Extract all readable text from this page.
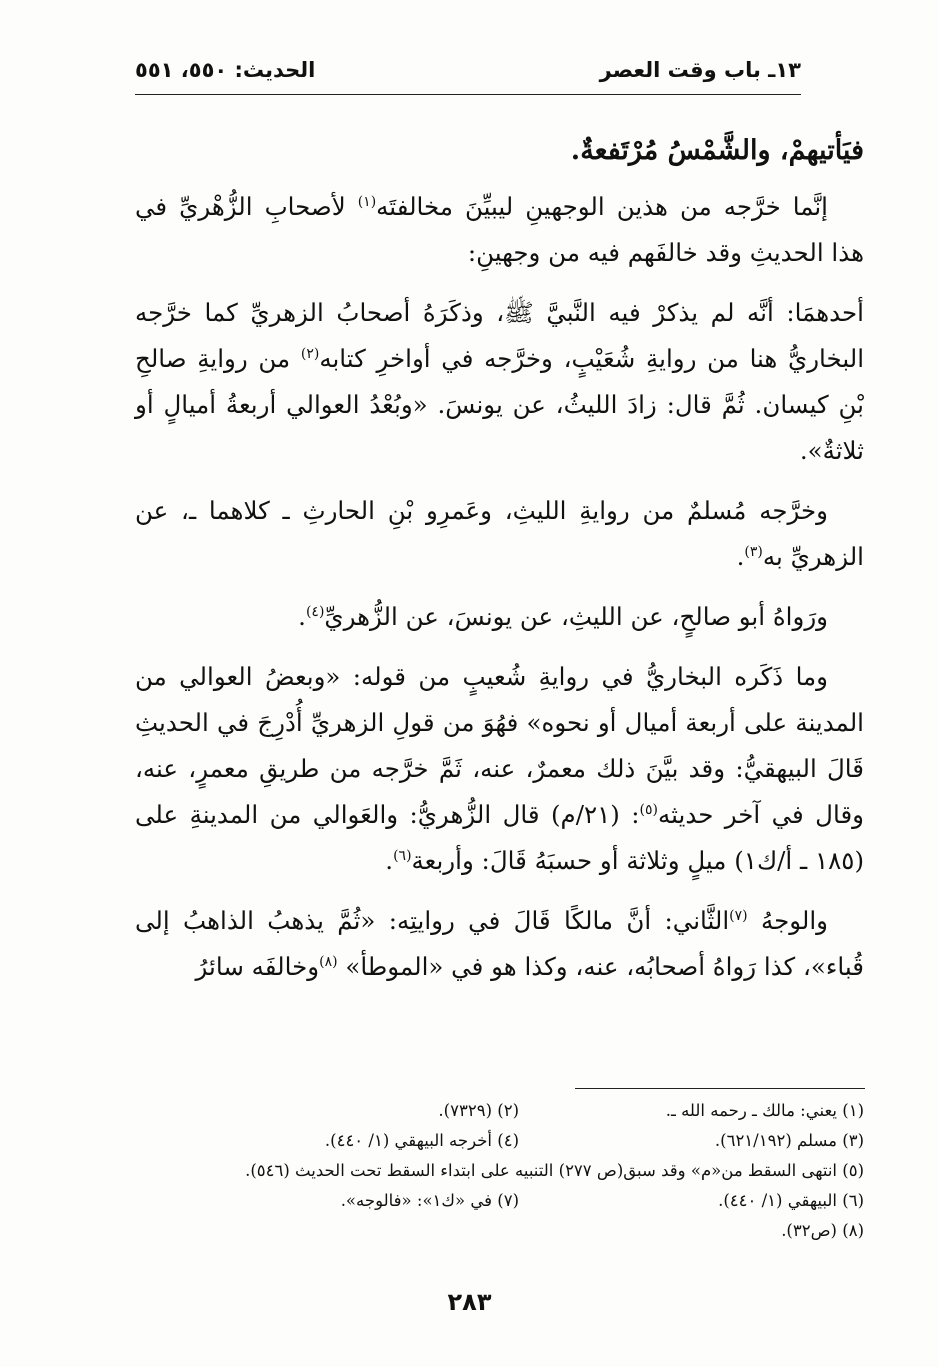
الحديث: ٥٥٠، ٥٥١	١٣ـ باب وقت العصر

فيَأتيهمْ، والشَّمْسُ مُرْتَفعةٌ.

إنَّما خرَّجه من هذين الوجهينِ ليبيِّنَ مخالفتَه$^{(١)}$ لأصحابِ الزُّهْريِّ في هذا الحديثِ وقد خالفَهم فيه من وجهينِ:

أحدهمَا: أنَّه لم يذكرْ فيه النَّبيَّ ﷺ، وذكَرَهُ أصحابُ الزهريِّ كما خرَّجه البخاريُّ هنا من روايةِ شُعَيْبٍ، وخرَّجه في أواخرِ كتابه$^{(٢)}$ من روايةِ صالحِ بْنِ كيسان. ثُمَّ قال: زادَ الليثُ، عن يونسَ. «وبُعْدُ العوالي أربعةُ أميالٍ أو ثلاثةٌ».

وخرَّجه مُسلمٌ من روايةِ الليثِ، وعَمرِو بْنِ الحارثِ ـ كلاهما ـ، عن الزهريِّ به$^{(٣)}$.

ورَواهُ أبو صالحٍ، عن الليثِ، عن يونسَ، عن الزُّهريِّ$^{(٤)}$.

وما ذَكَره البخاريُّ في روايةِ شُعيبٍ من قوله: «وبعضُ العوالي من المدينة على أربعة أميال أو نحوه» فهُوَ من قولِ الزهريِّ أُدْرِجَ في الحديثِ قَالَ البيهقيُّ: وقد بيَّنَ ذلك معمرٌ، عنه، ثَمَّ خرَّجه من طريقِ معمرٍ، عنه، وقال في آخر حديثه$^{(٥)}$: (٢١/م) قال الزُّهريُّ: والعَوالي من المدينةِ على (١٨٥ ـ أ/ك١) ميلٍ وثلاثة أو حسبَهُ قَالَ: وأربعة$^{(٦)}$.

والوجهُ $^{(٧)}$الثَّاني: أنَّ مالكًا قَالَ في روايتِه: «ثُمَّ يذهبُ الذاهبُ إلى قُباء»، كذا رَواهُ أصحابُه، عنه، وكذا هو في «الموطأ» $^{(٨)}$وخالفَه سائرُ

(١) يعني: مالك ـ رحمه الله ـ.
(٢) (٧٣٢٩).
(٣) مسلم (٦٢١/١٩٢).
(٤) أخرجه البيهقي (١/ ٤٤٠).
(٥) انتهى السقط من«م» وقد سبق(ص ٢٧٧) التنبيه على ابتداء السقط تحت الحديث (٥٤٦).
(٦) البيهقي (١/ ٤٤٠).
(٧) في «ك١»: «فالوجه».
(٨) (ص٣٢).
٢٨٣
